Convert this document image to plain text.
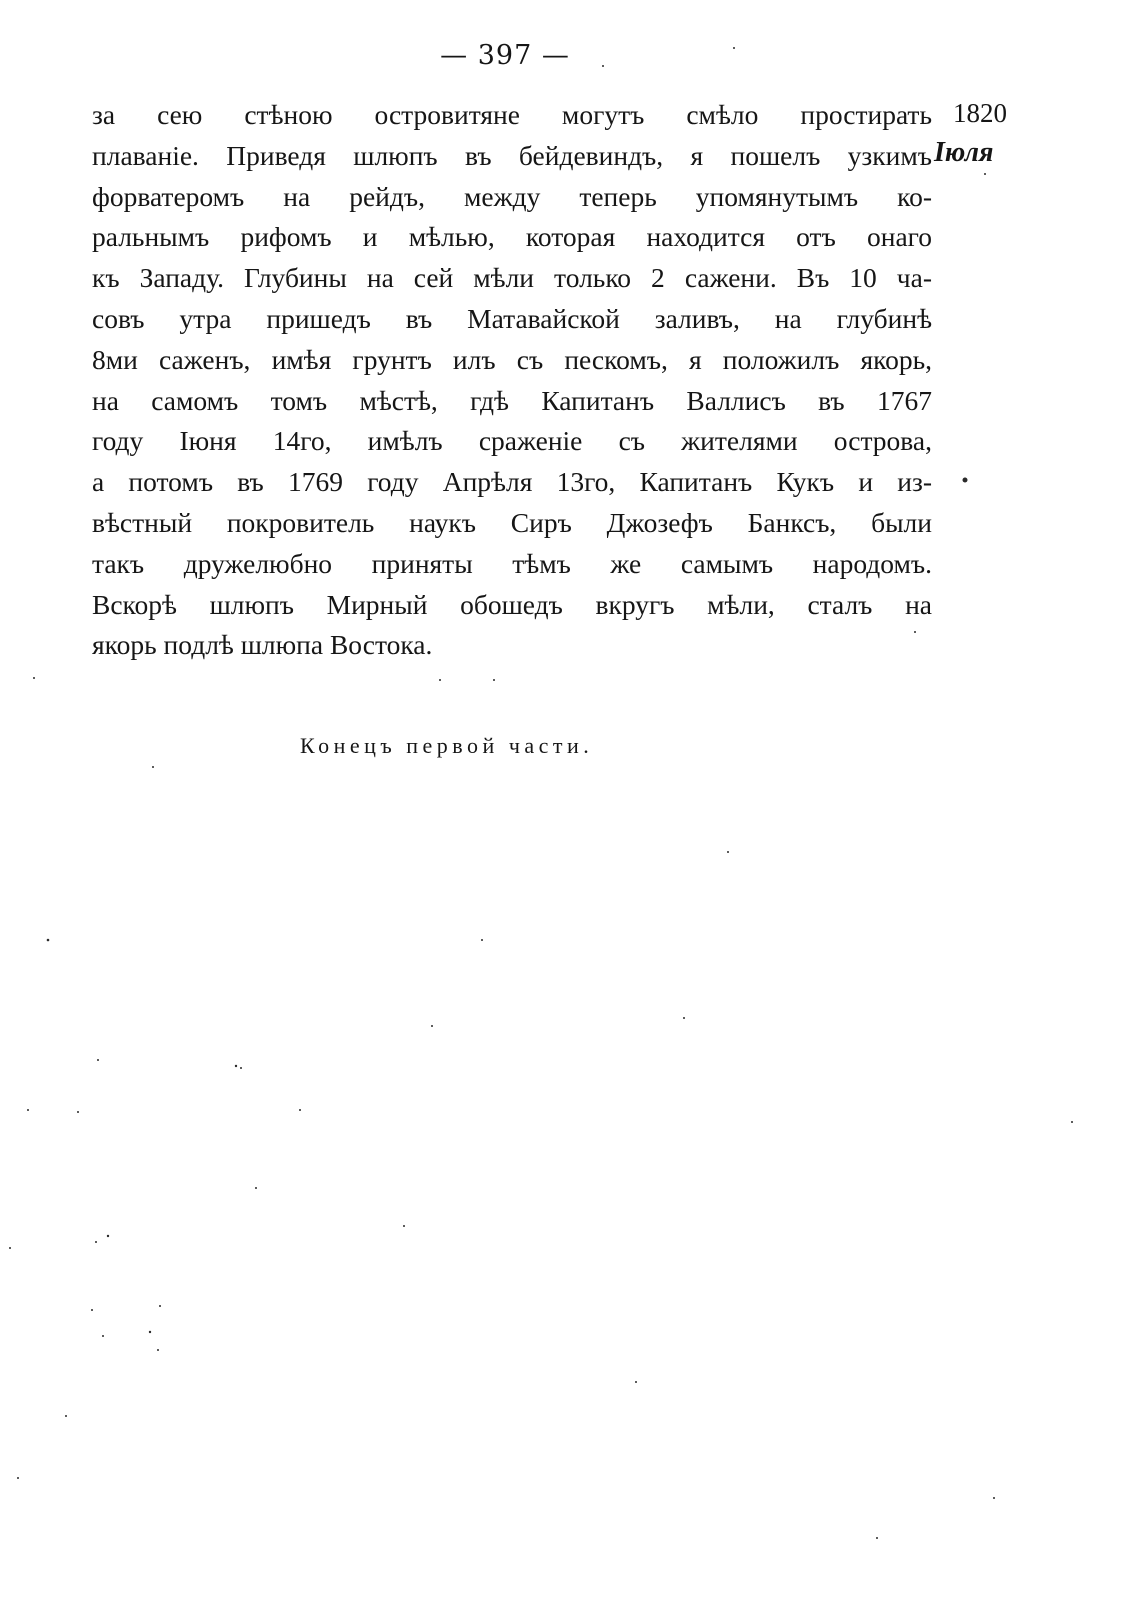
— 397 —
1820
Іюля
за сею стѣною островитяне могутъ смѣло простирать
плаваніе. Приведя шлюпъ въ бейдевиндъ, я пошелъ узкимъ
форватеромъ на рейдъ, между теперь упомянутымъ ко-
ральнымъ рифомъ и мѣлью, которая находится отъ онаго
къ Западу. Глубины на сей мѣли только 2 сажени. Въ 10 ча-
совъ утра пришедъ въ Матавайской заливъ, на глубинѣ
8ми саженъ, имѣя грунтъ илъ съ пескомъ, я положилъ якорь,
на самомъ томъ мѣстѣ, гдѣ Капитанъ Валлисъ въ 1767
году Іюня 14го, имѣлъ сраженіе съ жителями острова,
а потомъ въ 1769 году Апрѣля 13го, Капитанъ Кукъ и из-
вѣстный покровитель наукъ Сиръ Джозефъ Банксъ, были
такъ дружелюбно приняты тѣмъ же самымъ народомъ.
Вскорѣ шлюпъ Мирный обошедъ вкругъ мѣли, сталъ на
якорь подлѣ шлюпа Востока.
Конецъ первой части.
